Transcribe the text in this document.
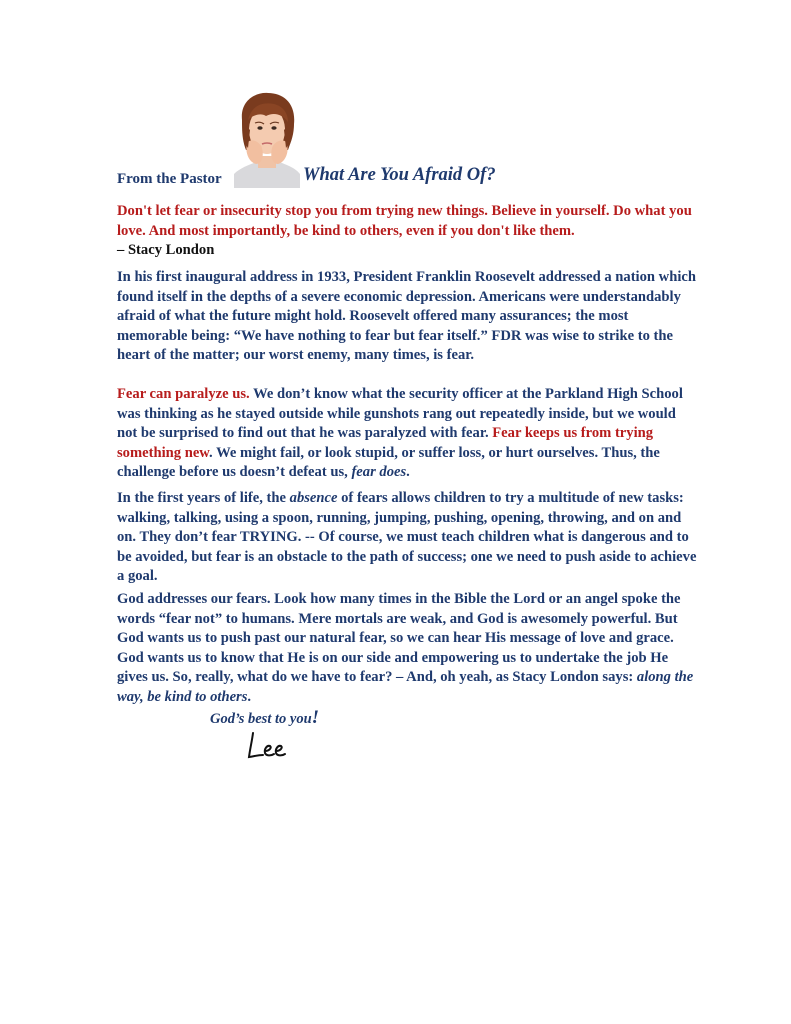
From the Pastor	What Are You Afraid Of?

Don't let fear or insecurity stop you from trying new things. Believe in yourself. Do what you love. And most importantly, be kind to others, even if you don't like them.
– Stacy London

In his first inaugural address in 1933, President Franklin Roosevelt addressed a nation which found itself in the depths of a severe economic depression. Americans were understandably afraid of what the future might hold. Roosevelt offered many assurances; the most memorable being: “We have nothing to fear but fear itself.” FDR was wise to strike to the heart of the matter; our worst enemy, many times, is fear.

Fear can paralyze us. We don’t know what the security officer at the Parkland High School was thinking as he stayed outside while gunshots rang out repeatedly inside, but we would not be surprised to find out that he was paralyzed with fear. Fear keeps us from trying something new. We might fail, or look stupid, or suffer loss, or hurt ourselves. Thus, the challenge before us doesn’t defeat us, fear does.

In the first years of life, the absence of fears allows children to try a multitude of new tasks: walking, talking, using a spoon, running, jumping, pushing, opening, throwing, and on and on. They don’t fear TRYING. -- Of course, we must teach children what is dangerous and to be avoided, but fear is an obstacle to the path of success; one we need to push aside to achieve a goal.

God addresses our fears. Look how many times in the Bible the Lord or an angel spoke the words “fear not” to humans. Mere mortals are weak, and God is awesomely powerful. But God wants us to push past our natural fear, so we can hear His message of love and grace. God wants us to know that He is on our side and empowering us to undertake the job He gives us. So, really, what do we have to fear? – And, oh yeah, as Stacy London says: along the way, be kind to others.

God’s best to you!
